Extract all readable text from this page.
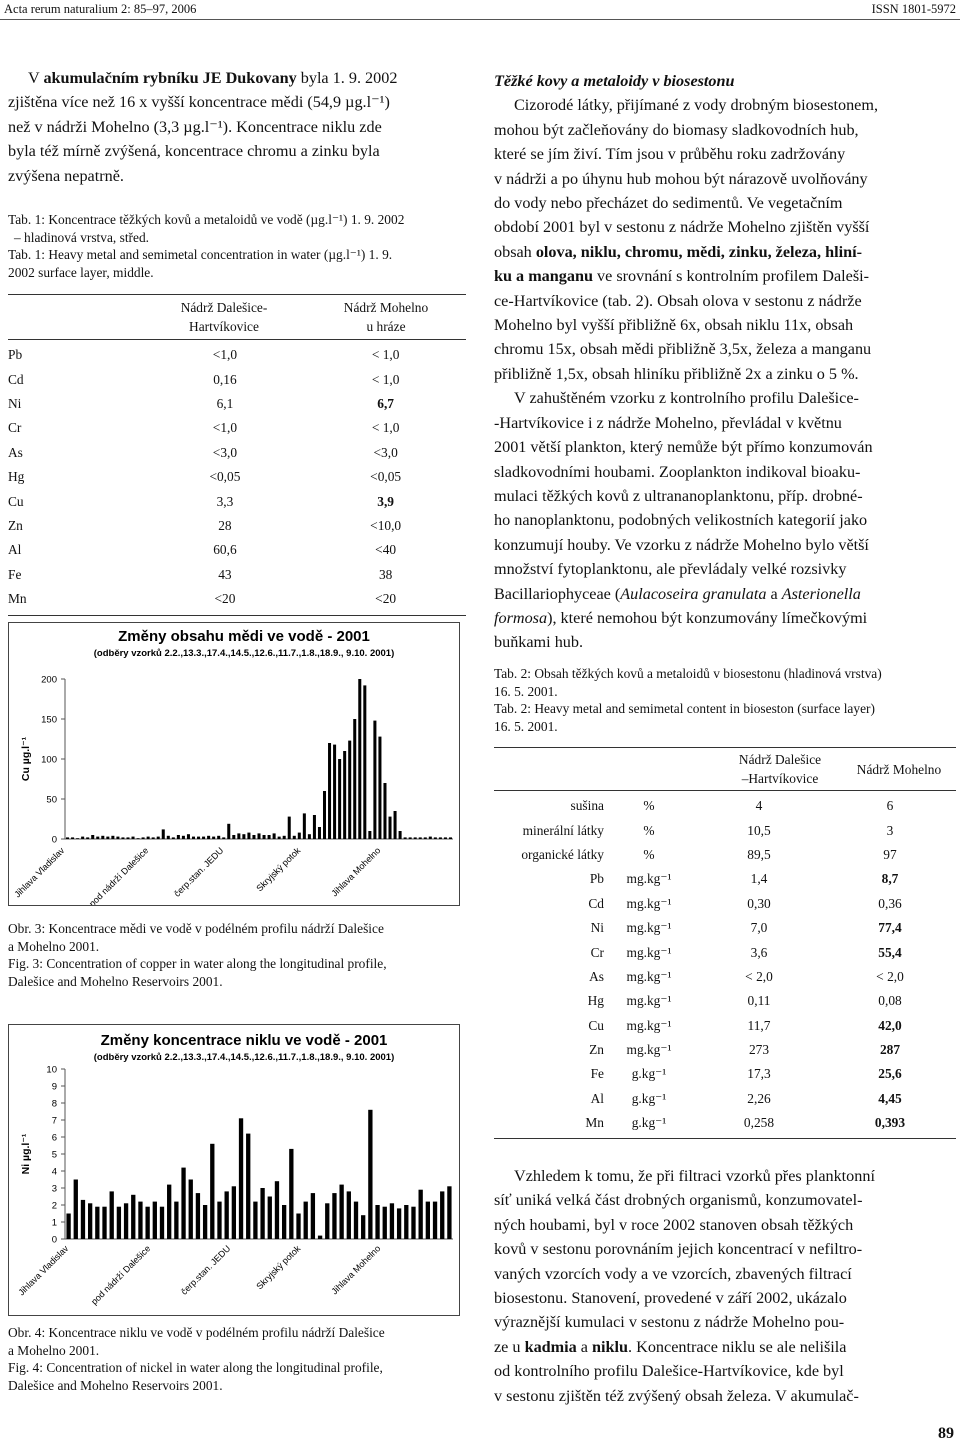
Acta rerum naturalium 2: 85–97, 2006	ISSN 1801-5972

V akumulačním rybníku JE Dukovany byla 1. 9. 2002

zjištěna více než 16 x vyšší koncentrace mědi (54,9 µg.l⁻¹)

než v nádrži Mohelno (3,3 µg.l⁻¹). Koncentrace niklu zde

byla též mírně zvýšená, koncentrace chromu a zinku byla

zvýšena nepatrně.

Tab. 1: Koncentrace těžkých kovů a metaloidů ve vodě (µg.l⁻¹) 1. 9. 2002

– hladinová vrstva, střed.

Tab. 1: Heavy metal and semimetal concentration in water (µg.l⁻¹) 1. 9.

2002 surface layer, middle.

Nádrž Dalešice-
Hartvíkovice
Nádrž Mohelno
u hráze
Pb	<1,0	< 1,0
Cd	0,16	< 1,0
Ni	6,1	6,7
Cr	<1,0	< 1,0
As	<3,0	<3,0
Hg	<0,05	<0,05
Cu	3,3	3,9
Zn	28	<10,0
Al	60,6	<40
Fe	43	38
Mn	<20	<20
Změny obsahu mědi ve vodě - 2001
(odběry vzorků 2.2.,13.3.,17.4.,14.5.,12.6.,11.7.,1.8.,18.9., 9.10. 2001)
Cu µg.l⁻¹
0
50
100
150
200
Jihlava Vladislav pod nádrží Dalešice čerp.stan. JEDU	Skryjský potok	Jihlava Mohelno

Obr. 3: Koncentrace mědi ve vodě v podélném profilu nádrží Dalešice

a Mohelno 2001.

Fig. 3: Concentration of copper in water along the longitudinal profile,

Dalešice and Mohelno Reservoirs 2001.

Změny koncentrace niklu ve vodě - 2001
(odběry vzorků 2.2.,13.3.,17.4.,14.5.,12.6.,11.7.,1.8.,18.9., 9.10. 2001)
Ni µg.l⁻¹
0
1
2
3
4
5
6
7
8
9
10
Jihlava Vladislav pod nádrží Dalešice	čerp.stan. JEDU Skryjský potok	Jihlava Mohelno

Obr. 4: Koncentrace niklu ve vodě v podélném profilu nádrží Dalešice

a Mohelno 2001.

Fig. 4: Concentration of nickel in water along the longitudinal profile,

Dalešice and Mohelno Reservoirs 2001.

Těžké kovy a metaloidy v biosestonu

Cizorodé látky, přijímané z vody drobným biosestonem,

mohou být začleňovány do biomasy sladkovodních hub,

které se jím živí. Tím jsou v průběhu roku zadržovány

v nádrži a po úhynu hub mohou být nárazově uvolňovány

do vody nebo přecházet do sedimentů. Ve vegetačním

období 2001 byl v sestonu z nádrže Mohelno zjištěn vyšší

obsah olova, niklu, chromu, mědi, zinku, železa, hliní-

ku a manganu ve srovnání s kontrolním profilem Daleši-

ce-Hartvíkovice (tab. 2). Obsah olova v sestonu z nádrže

Mohelno byl vyšší přibližně 6x, obsah niklu 11x, obsah

chromu 15x, obsah mědi přibližně 3,5x, železa a manganu

přibližně 1,5x, obsah hliníku přibližně 2x a zinku o 5 %.

V zahuštěném vzorku z kontrolního profilu Dalešice-

-Hartvíkovice i z nádrže Mohelno, převládal v květnu

2001 větší plankton, který nemůže být přímo konzumován

sladkovodními houbami. Zooplankton indikoval bioaku-

mulaci těžkých kovů z ultrananoplanktonu, příp. drobné-

ho nanoplanktonu, podobných velikostních kategorií jako

konzumují houby. Ve vzorku z nádrže Mohelno bylo větší

množství fytoplanktonu, ale převládaly velké rozsivky

Bacillariophyceae (Aulacoseira granulata a Asterionella

formosa), které nemohou být konzumovány límečkovými

buňkami hub.

Tab. 2: Obsah těžkých kovů a metaloidů v biosestonu (hladinová vrstva)

16. 5. 2001.

Tab. 2: Heavy metal and semimetal content in bioseston (surface layer)

16. 5. 2001.

Nádrž Dalešice
–Hartvíkovice
Nádrž Mohelno
sušina	%	4	6
minerální látky	%	10,5	3
organické látky	%	89,5	97
Pb	mg.kg⁻¹	1,4	8,7
Cd	mg.kg⁻¹	0,30	0,36
Ni	mg.kg⁻¹	7,0	77,4
Cr	mg.kg⁻¹	3,6	55,4
As	mg.kg⁻¹	< 2,0	< 2,0
Hg	mg.kg⁻¹	0,11	0,08
Cu	mg.kg⁻¹	11,7	42,0
Zn	mg.kg⁻¹	273	287
Fe	g.kg⁻¹	17,3	25,6
Al	g.kg⁻¹	2,26	4,45
Mn	g.kg⁻¹	0,258	0,393

Vzhledem k tomu, že při filtraci vzorků přes planktonní

síť uniká velká část drobných organismů, konzumovatel-

ných houbami, byl v roce 2002 stanoven obsah těžkých

kovů v sestonu porovnáním jejich koncentrací v nefiltro-

vaných vzorcích vody a ve vzorcích, zbavených filtrací

biosestonu. Stanovení, provedené v září 2002, ukázalo

výraznější kumulaci v sestonu z nádrže Mohelno pou-

ze u kadmia a niklu. Koncentrace niklu se ale nelišila

od kontrolního profilu Dalešice-Hartvíkovice, kde byl

v sestonu zjištěn též zvýšený obsah železa. V akumulač-

89
